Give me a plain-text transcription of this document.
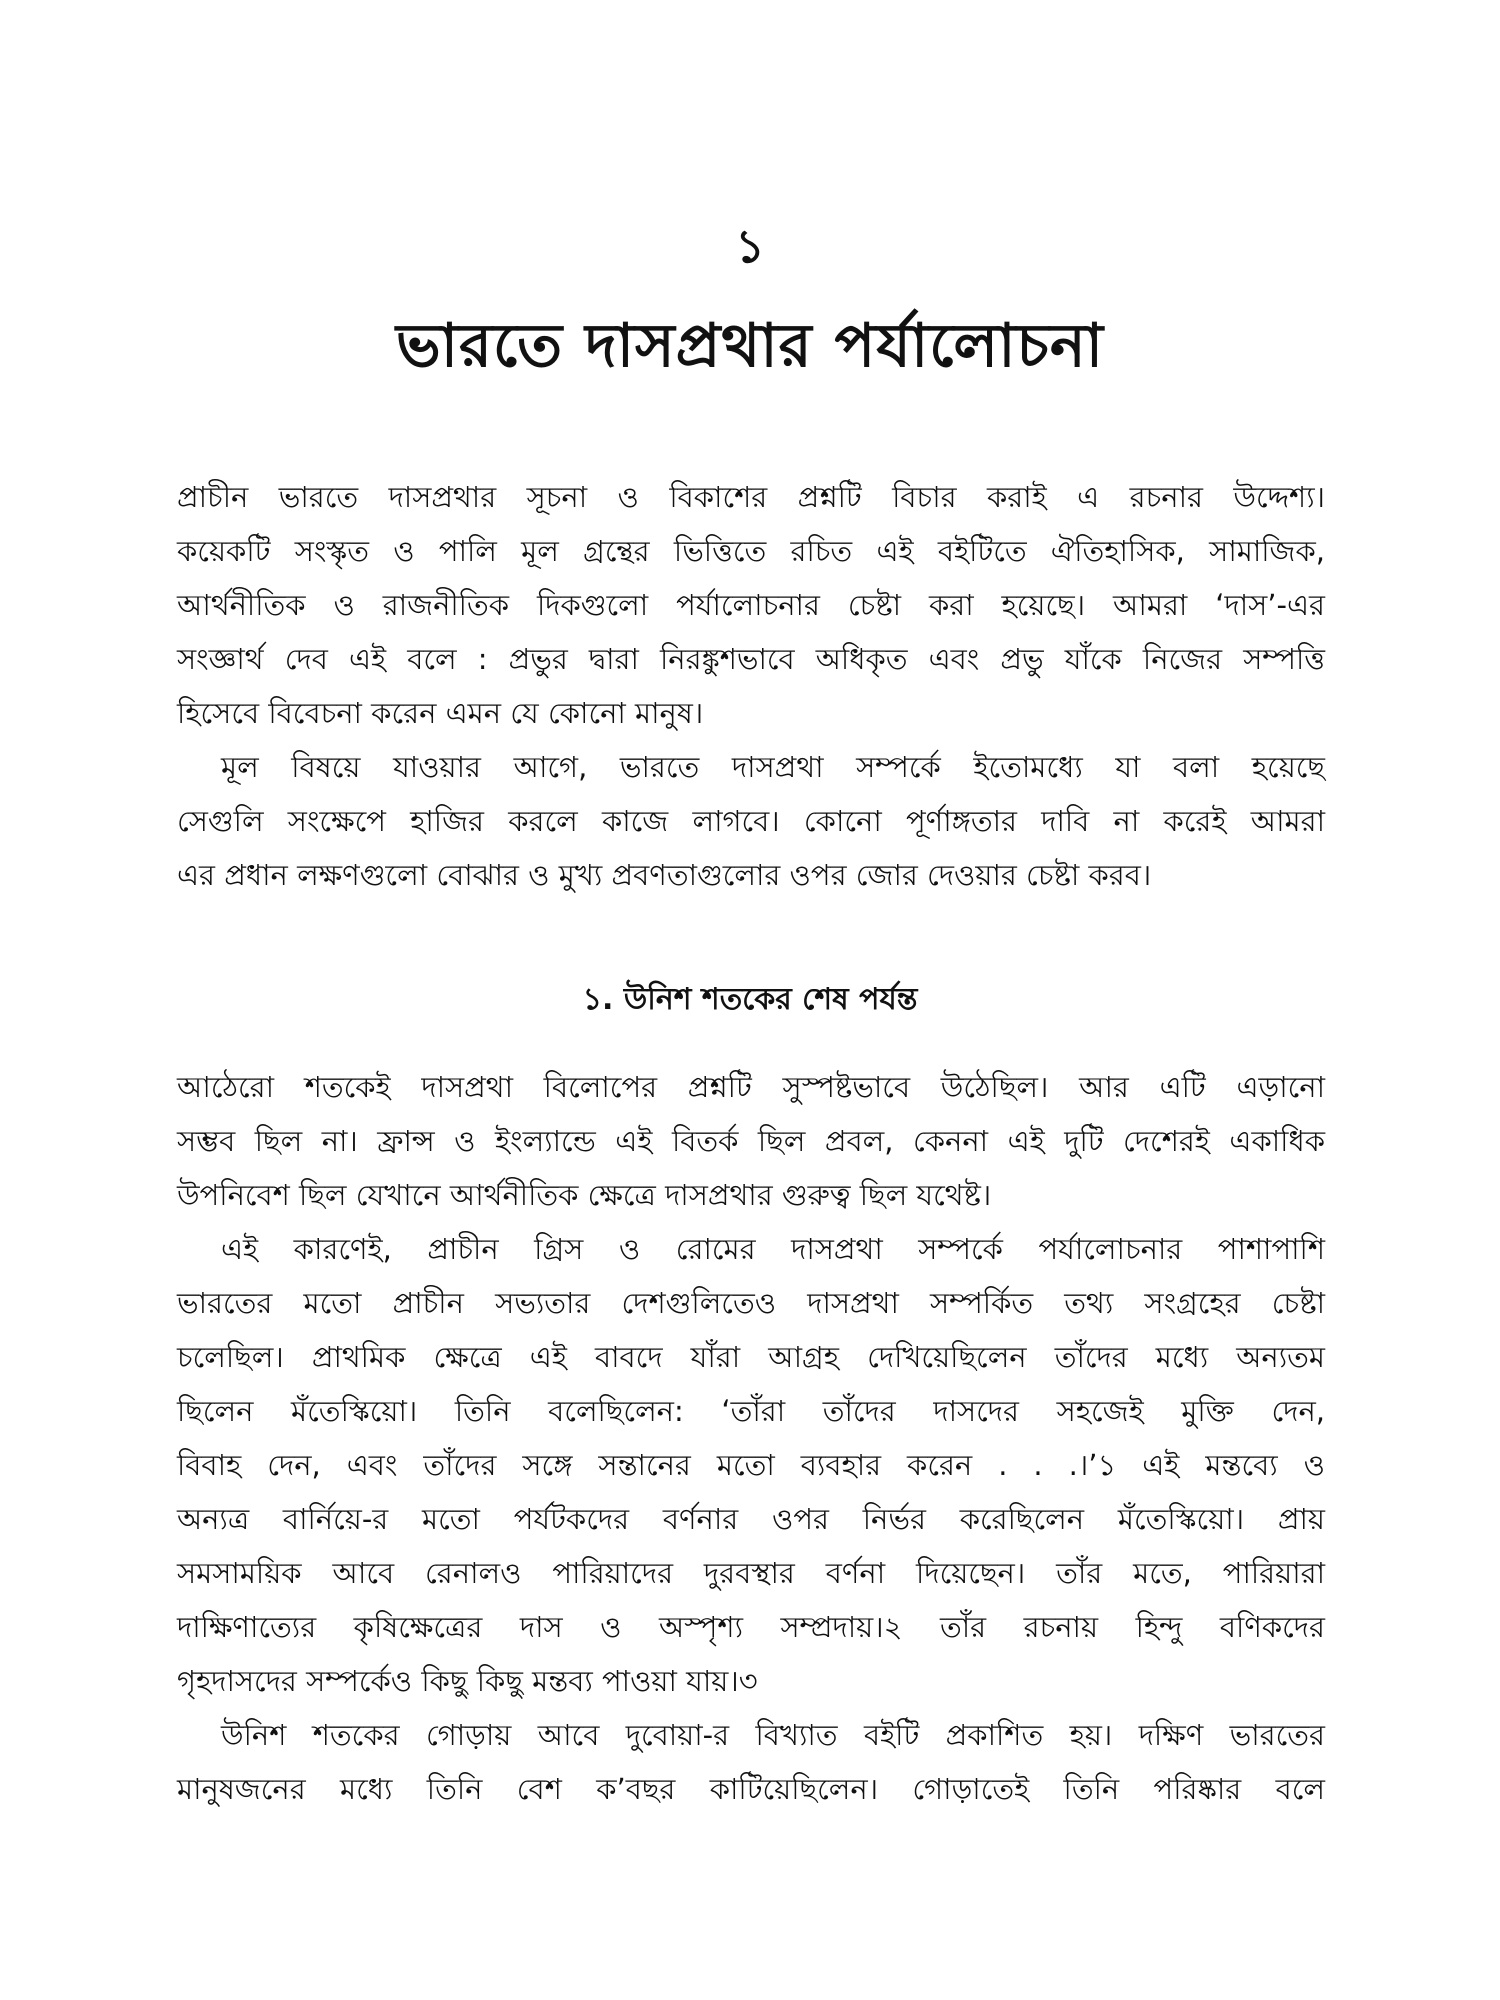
১
ভারতে দাসপ্রথার পর্যালোচনা
প্রাচীন ভারতে দাসপ্রথার সূচনা ও বিকাশের প্রশ্নটি বিচার করাই এ রচনার উদ্দেশ্য।
কয়েকটি সংস্কৃত ও পালি মূল গ্রন্থের ভিত্তিতে রচিত এই বইটিতে ঐতিহাসিক, সামাজিক,
আর্থনীতিক ও রাজনীতিক দিকগুলো পর্যালোচনার চেষ্টা করা হয়েছে। আমরা ‘দাস’-এর
সংজ্ঞার্থ দেব এই বলে : প্রভুর দ্বারা নিরঙ্কুশভাবে অধিকৃত এবং প্রভু যাঁকে নিজের সম্পত্তি
হিসেবে বিবেচনা করেন এমন যে কোনো মানুষ।
মূল বিষয়ে যাওয়ার আগে, ভারতে দাসপ্রথা সম্পর্কে ইতোমধ্যে যা বলা হয়েছে
সেগুলি সংক্ষেপে হাজির করলে কাজে লাগবে। কোনো পূর্ণাঙ্গতার দাবি না করেই আমরা
এর প্রধান লক্ষণগুলো বোঝার ও মুখ্য প্রবণতাগুলোর ওপর জোর দেওয়ার চেষ্টা করব।
১. উনিশ শতকের শেষ পর্যন্ত
আঠেরো শতকেই দাসপ্রথা বিলোপের প্রশ্নটি সুস্পষ্টভাবে উঠেছিল। আর এটি এড়ানো
সম্ভব ছিল না। ফ্রান্স ও ইংল্যান্ডে এই বিতর্ক ছিল প্রবল, কেননা এই দুটি দেশেরই একাধিক
উপনিবেশ ছিল যেখানে আর্থনীতিক ক্ষেত্রে দাসপ্রথার গুরুত্ব ছিল যথেষ্ট।
এই কারণেই, প্রাচীন গ্রিস ও রোমের দাসপ্রথা সম্পর্কে পর্যালোচনার পাশাপাশি
ভারতের মতো প্রাচীন সভ্যতার দেশগুলিতেও দাসপ্রথা সম্পর্কিত তথ্য সংগ্রহের চেষ্টা
চলেছিল। প্রাথমিক ক্ষেত্রে এই বাবদে যাঁরা আগ্রহ দেখিয়েছিলেন তাঁদের মধ্যে অন্যতম
ছিলেন মঁতেস্কিয়ো। তিনি বলেছিলেন: ‘তাঁরা তাঁদের দাসদের সহজেই মুক্তি দেন,
বিবাহ দেন, এবং তাঁদের সঙ্গে সন্তানের মতো ব্যবহার করেন . . .।’১ এই মন্তব্যে ও
অন্যত্র বার্নিয়ে-র মতো পর্যটকদের বর্ণনার ওপর নির্ভর করেছিলেন মঁতেস্কিয়ো। প্রায়
সমসাময়িক আবে রেনালও পারিয়াদের দুরবস্থার বর্ণনা দিয়েছেন। তাঁর মতে, পারিয়ারা
দাক্ষিণাত্যের কৃষিক্ষেত্রের দাস ও অস্পৃশ্য সম্প্রদায়।২ তাঁর রচনায় হিন্দু বণিকদের
গৃহদাসদের সম্পর্কেও কিছু কিছু মন্তব্য পাওয়া যায়।৩
উনিশ শতকের গোড়ায় আবে দুবোয়া-র বিখ্যাত বইটি প্রকাশিত হয়। দক্ষিণ ভারতের
মানুষজনের মধ্যে তিনি বেশ ক’বছর কাটিয়েছিলেন। গোড়াতেই তিনি পরিষ্কার বলে
